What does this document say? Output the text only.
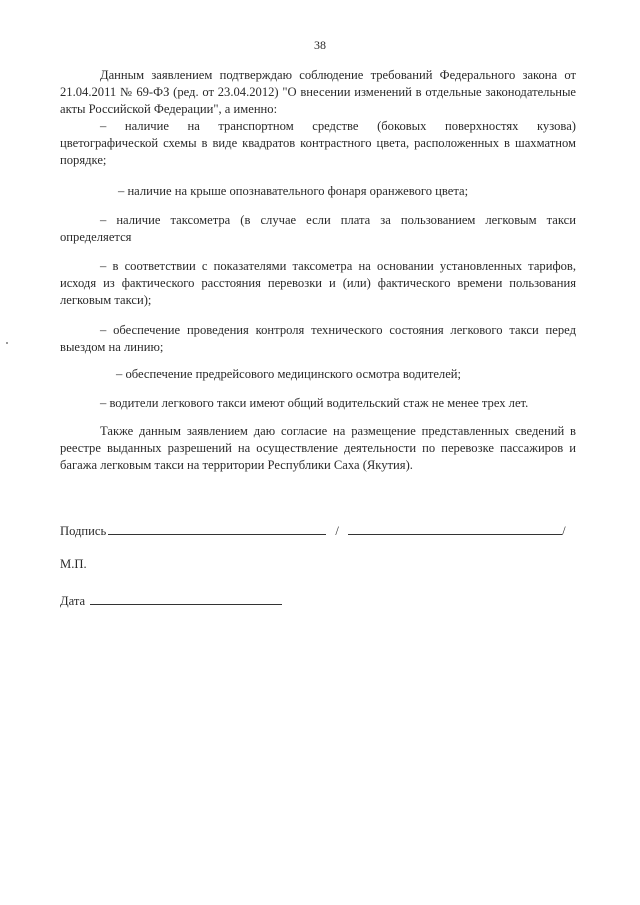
38
Данным заявлением подтверждаю соблюдение требований Федерального закона от
21.04.2011 № 69-ФЗ (ред. от 23.04.2012) "О внесении изменений в отдельные законодательные
акты Российской Федерации", а именно:
– наличие на транспортном средстве (боковых поверхностях кузова)
цветографической схемы в виде квадратов контрастного цвета, расположенных в шахматном
порядке;
– наличие на крыше опознавательного фонаря оранжевого цвета;
– наличие таксометра (в случае если плата за пользованием легковым такси
определяется
– в соответствии с показателями таксометра на основании установленных тарифов,
исходя из фактического расстояния перевозки и (или) фактического времени пользования
легковым такси);
– обеспечение проведения контроля технического состояния легкового такси перед
выездом на линию;
– обеспечение предрейсового медицинского осмотра водителей;
– водители легкового такси имеют общий водительский стаж не менее трех лет.
Также данным заявлением даю согласие на размещение представленных сведений в
реестре выданных разрешений на осуществление деятельности по перевозке пассажиров и
багажа легковым такси на территории Республики Саха (Якутия).
Подпись	/	/
М.П.
Дата
